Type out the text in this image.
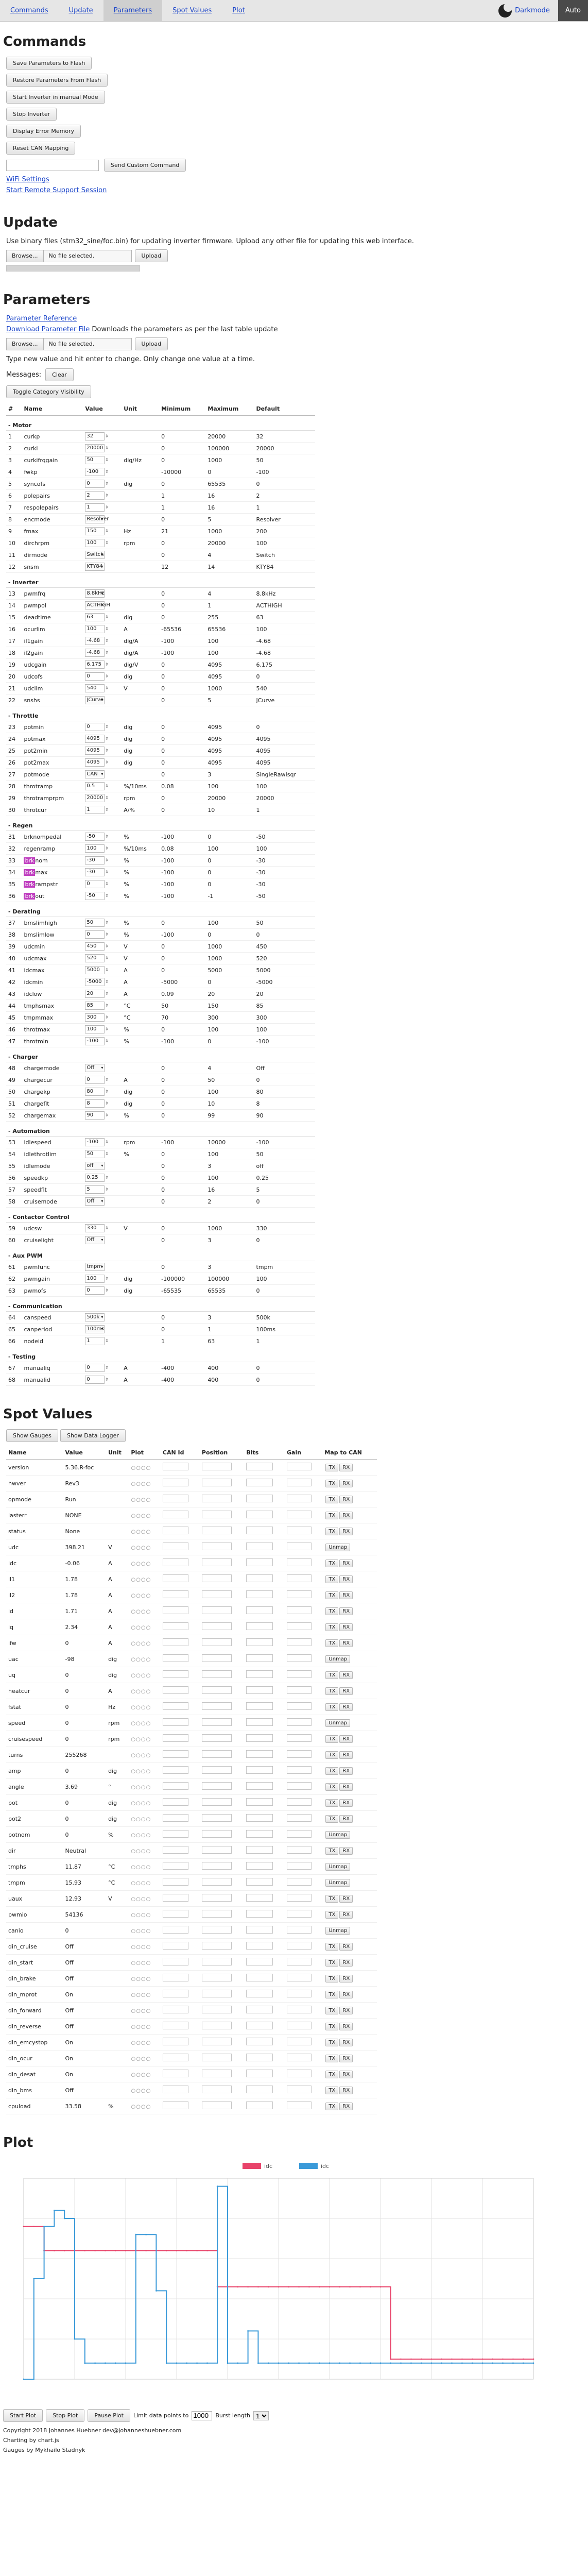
Commands	Update	Parameters	Spot Values	Plot	Darkmode	Auto
Commands
Save Parameters to Flash
Restore Parameters From Flash
Start Inverter in manual Mode
Stop Inverter
Display Error Memory
Reset CAN Mapping
Send Custom Command
WiFi Settings
Start Remote Support Session
Update
Use binary files (stm32_sine/foc.bin) for updating inverter firmware. Upload any other file for updating this web interface.
Browse...	No file selected.	Upload
Parameters
Parameter Reference
Download Parameter File Downloads the parameters as per the last table update
Browse...	No file selected.	Upload
Type new value and hit enter to change. Only change one value at a time.
Messages:	Clear
Toggle Category Visibility
#	Name	Value	Unit	Minimum	Maximum	Default
- Motor						
1	curkp	32 ⇕		0	20000	32
2	curki	20000 ⇕		0	100000	20000
3	curkifrqgain	50 ⇕	dig/Hz	0	1000	50
4	fwkp	-100 ⇕		-10000	0	-100
5	syncofs	0 ⇕	dig	0	65535	0
6	polepairs	2 ⇕		1	16	2
7	respolepairs	1 ⇕		1	16	1
8	encmode	Resolver ▾		0	5	Resolver
9	fmax	150 ⇕	Hz	21	1000	200
10	dirchrpm	100 ⇕	rpm	0	20000	100
11	dirmode	Switch ▾		0	4	Switch
12	snsm	KTY84 ▾		12	14	KTY84
- Inverter						
13	pwmfrq	8.8kHz ▾		0	4	8.8kHz
14	pwmpol	ACTHIGH ▾		0	1	ACTHIGH
15	deadtime	63 ⇕	dig	0	255	63
16	ocurlim	100 ⇕	A	-65536	65536	100
17	il1gain	-4.68 ⇕	dig/A	-100	100	-4.68
18	il2gain	-4.68 ⇕	dig/A	-100	100	-4.68
19	udcgain	6.175 ⇕	dig/V	0	4095	6.175
20	udcofs	0 ⇕	dig	0	4095	0
21	udclim	540 ⇕	V	0	1000	540
22	snshs	JCurve ▾		0	5	JCurve
- Throttle						
23	potmin	0 ⇕	dig	0	4095	0
24	potmax	4095 ⇕	dig	0	4095	4095
25	pot2min	4095 ⇕	dig	0	4095	4095
26	pot2max	4095 ⇕	dig	0	4095	4095
27	potmode	CAN ▾		0	3	SingleRawIsqr
28	throtramp	0.5 ⇕	%/10ms	0.08	100	100
29	throtramprpm	20000 ⇕	rpm	0	20000	20000
30	throtcur	1 ⇕	A/%	0	10	1
- Regen						
31	brknompedal	-50 ⇕	%	-100	0	-50
32	regenramp	100 ⇕	%/10ms	0.08	100	100
33	brk nom	-30 ⇕	%	-100	0	-30
34	brk max	-30 ⇕	%	-100	0	-30
35	brk rampstr	0 ⇕	%	-100	0	-30
36	brk out	-50 ⇕	%	-100	-1	-50
- Derating						
37	bmslimhigh	50 ⇕	%	0	100	50
38	bmslimlow	0 ⇕	%	-100	0	0
39	udcmin	450 ⇕	V	0	1000	450
40	udcmax	520 ⇕	V	0	1000	520
41	idcmax	5000 ⇕	A	0	5000	5000
42	idcmin	-5000 ⇕	A	-5000	0	-5000
43	idclow	20 ⇕	A	0.09	20	20
44	tmphsmax	85 ⇕	°C	50	150	85
45	tmpmmax	300 ⇕	°C	70	300	300
46	throtmax	100 ⇕	%	0	100	100
47	throtmin	-100 ⇕	%	-100	0	-100
- Charger						
48	chargemode	Off ▾		0	4	Off
49	chargecur	0 ⇕	A	0	50	0
50	chargekp	80 ⇕	dig	0	100	80
51	chargeflt	8 ⇕	dig	0	10	8
52	chargemax	90 ⇕	%	0	99	90
- Automation						
53	idlespeed	-100 ⇕	rpm	-100	10000	-100
54	idlethrotlim	50 ⇕	%	0	100	50
55	idlemode	off ▾		0	3	off
56	speedkp	0.25 ⇕		0	100	0.25
57	speedflt	5 ⇕		0	16	5
58	cruisemode	Off ▾		0	2	0
- Contactor Control						
59	udcsw	330 ⇕	V	0	1000	330
60	cruiselight	Off ▾		0	3	0
- Aux PWM						
61	pwmfunc	tmpm ▾		0	3	tmpm
62	pwmgain	100 ⇕	dig	-100000	100000	100
63	pwmofs	0 ⇕	dig	-65535	65535	0
- Communication						
64	canspeed	500k ▾		0	3	500k
65	canperiod	100ms ▾		0	1	100ms
66	nodeid	1 ⇕		1	63	1
- Testing						
67	manualiq	0 ⇕	A	-400	400	0
68	manualid	0 ⇕	A	-400	400	0
Spot Values
Show Gauges	Show Data Logger
Name	Value	Unit	Plot	CAN Id	Position	Bits	Gain	Map to CAN
version	5.36.R-foc		○○○○					TX RX
hwver	Rev3		○○○○					TX RX
opmode	Run		○○○○					TX RX
lasterr	NONE		○○○○					TX RX
status	None		○○○○					TX RX
udc	398.21	V	○○○○					Unmap
idc	-0.06	A	○○○○					TX RX
il1	1.78	A	○○○○					TX RX
il2	1.78	A	○○○○					TX RX
id	1.71	A	○○○○					TX RX
iq	2.34	A	○○○○					TX RX
ifw	0	A	○○○○					TX RX
uac	-98	dig	○○○○					Unmap
uq	0	dig	○○○○					TX RX
heatcur	0	A	○○○○					TX RX
fstat	0	Hz	○○○○					TX RX
speed	0	rpm	○○○○					Unmap
cruisespeed	0	rpm	○○○○					TX RX
turns	255268		○○○○					TX RX
amp	0	dig	○○○○					TX RX
angle	3.69	°	○○○○					TX RX
pot	0	dig	○○○○					TX RX
pot2	0	dig	○○○○					TX RX
potnom	0	%	○○○○					Unmap
dir	Neutral		○○○○					TX RX
tmphs	11.87	°C	○○○○					Unmap
tmpm	15.93	°C	○○○○					Unmap
uaux	12.93	V	○○○○					TX RX
pwmio	54136		○○○○					TX RX
canio	0		○○○○					Unmap
din_cruise	Off		○○○○					TX RX
din_start	Off		○○○○					TX RX
din_brake	Off		○○○○					TX RX
din_mprot	On		○○○○					TX RX
din_forward	Off		○○○○					TX RX
din_reverse	Off		○○○○					TX RX
din_emcystop	On		○○○○					TX RX
din_ocur	On		○○○○					TX RX
din_desat	On		○○○○					TX RX
din_bms	Off		○○○○					TX RX
cpuload	33.58	%	○○○○					TX RX
Plot
idc	idc
Start Plot	Stop Plot	Pause Plot	Limit data points to
1000	Burst length
1
Copyright 2018 Johannes Huebner dev@johanneshuebner.com
Charting by chart.js
Gauges by Mykhailo Stadnyk
